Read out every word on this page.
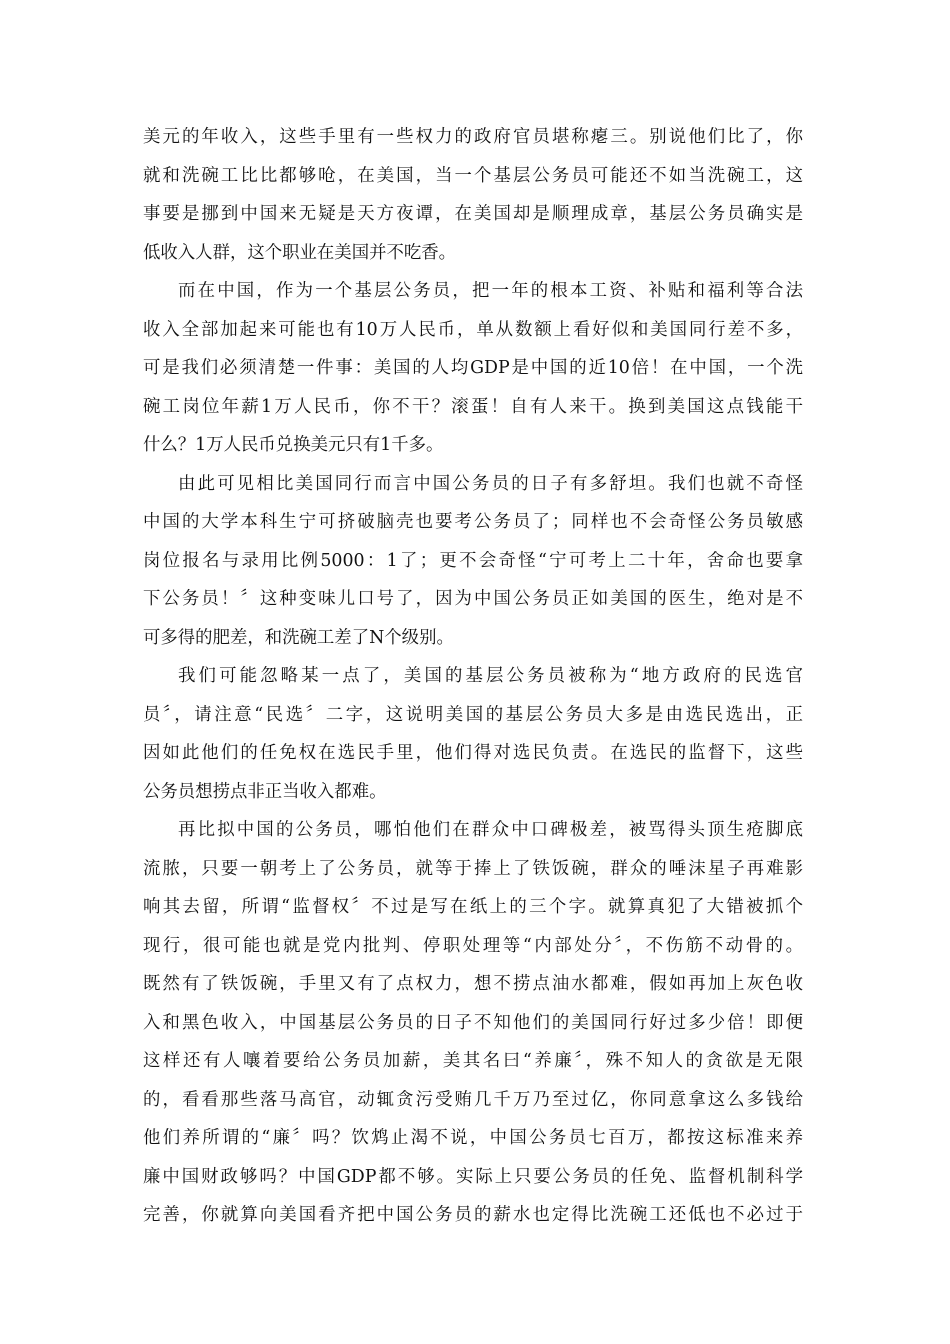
美元的年收入，这些手里有一些权力的政府官员堪称瘪三。别说他们比了，你
就和洗碗工比比都够呛，在美国，当一个基层公务员可能还不如当洗碗工，这
事要是挪到中国来无疑是天方夜谭，在美国却是顺理成章，基层公务员确实是
低收入人群，这个职业在美国并不吃香。
而在中国，作为一个基层公务员，把一年的根本工资、补贴和福利等合法
收入全部加起来可能也有10万人民币，单从数额上看好似和美国同行差不多，
可是我们必须清楚一件事：美国的人均GDP是中国的近10倍！在中国，一个洗
碗工岗位年薪1万人民币，你不干？滚蛋！自有人来干。换到美国这点钱能干
什么？1万人民币兑换美元只有1千多。
由此可见相比美国同行而言中国公务员的日子有多舒坦。我们也就不奇怪
中国的大学本科生宁可挤破脑壳也要考公务员了；同样也不会奇怪公务员敏感
岗位报名与录用比例5000：1了；更不会奇怪“宁可考上二十年，舍命也要拿
下公务员！〞这种变味儿口号了，因为中国公务员正如美国的医生，绝对是不
可多得的肥差，和洗碗工差了N个级别。
我们可能忽略某一点了，美国的基层公务员被称为“地方政府的民选官
员〞，请注意“民选〞二字，这说明美国的基层公务员大多是由选民选出，正
因如此他们的任免权在选民手里，他们得对选民负责。在选民的监督下，这些
公务员想捞点非正当收入都难。
再比拟中国的公务员，哪怕他们在群众中口碑极差，被骂得头顶生疮脚底
流脓，只要一朝考上了公务员，就等于捧上了铁饭碗，群众的唾沫星子再难影
响其去留，所谓“监督权〞不过是写在纸上的三个字。就算真犯了大错被抓个
现行，很可能也就是党内批判、停职处理等“内部处分〞，不伤筋不动骨的。
既然有了铁饭碗，手里又有了点权力，想不捞点油水都难，假如再加上灰色收
入和黑色收入，中国基层公务员的日子不知他们的美国同行好过多少倍！即便
这样还有人嚷着要给公务员加薪，美其名曰“养廉〞，殊不知人的贪欲是无限
的，看看那些落马高官，动辄贪污受贿几千万乃至过亿，你同意拿这么多钱给
他们养所谓的“廉〞吗？饮鸩止渴不说，中国公务员七百万，都按这标准来养
廉中国财政够吗？中国GDP都不够。实际上只要公务员的任免、监督机制科学
完善，你就算向美国看齐把中国公务员的薪水也定得比洗碗工还低也不必过于
